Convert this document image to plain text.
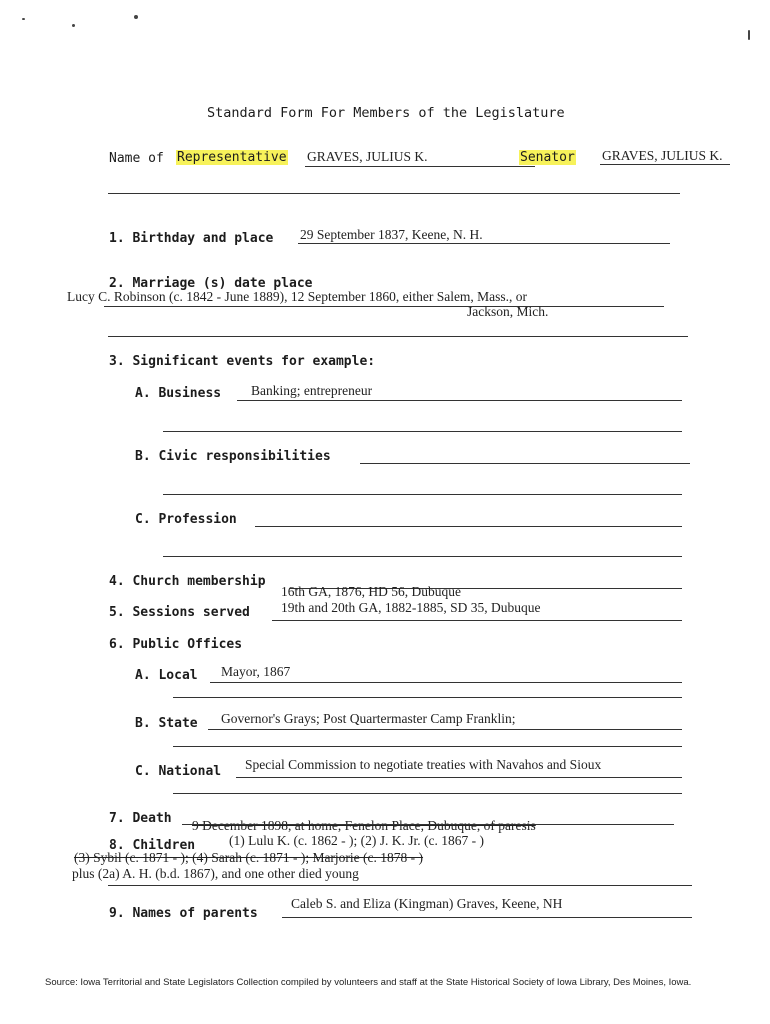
Standard Form For Members of the Legislature
Name of Representative GRAVES, JULIUS K.	Senator GRAVES, JULIUS K.
1. Birthday and place 29 September 1837, Keene, N. H.
2. Marriage (s) date place
Lucy C. Robinson (c. 1842 - June 1889), 12 September 1860, either Salem, Mass., or
Jackson, Mich.
3. Significant events for example:
A. Business Banking; entrepreneur
B. Civic responsibilities
C. Profession
4. Church membership
16th GA, 1876, HD 56, Dubuque
5. Sessions served 19th and 20th GA, 1882-1885, SD 35, Dubuque
6. Public Offices
A. Local Mayor, 1867
B. State Governor's Grays; Post Quartermaster Camp Franklin;
C. National Special Commission to negotiate treaties with Navahos and Sioux
7. Death 9 December 1898, at home, Fenelon Place, Dubuque, of paresis
8. Children	(1) Lulu K. (c. 1862 - ); (2) J. K. Jr. (c. 1867 - )
(3) Sybil (c. 1871 - ); (4) Sarah (c. 1871 - ); Marjorie (c. 1878 - )
plus (2a) A. H. (b.d. 1867), and one other died young
9. Names of parents
Caleb S. and Eliza (Kingman) Graves, Keene, NH
Source: Iowa Territorial and State Legislators Collection compiled by volunteers and staff at the State Historical Society of Iowa Library, Des Moines, Iowa.
